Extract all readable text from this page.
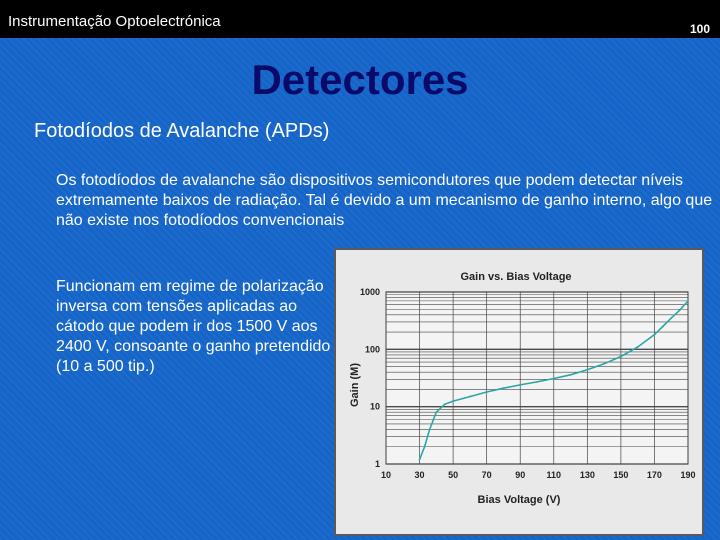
Instrumentação Optoelectrónica	100
Detectores
Fotodíodos de Avalanche (APDs)
Os fotodíodos de avalanche são dispositivos semicondutores que podem detectar níveis extremamente baixos de radiação. Tal é devido a um mecanismo de ganho interno, algo que não existe nos fotodíodos convencionais
Funcionam em regime de polarização inversa com tensões aplicadas ao cátodo que podem ir dos 1500 V aos 2400 V, consoante o ganho pretendido (10 a 500 tip.)
Gain vs. Bias Voltage
Gain (M)
Bias Voltage (V)
10	30	50	70	90 110 130 150 170 190
1
10
100
1000
